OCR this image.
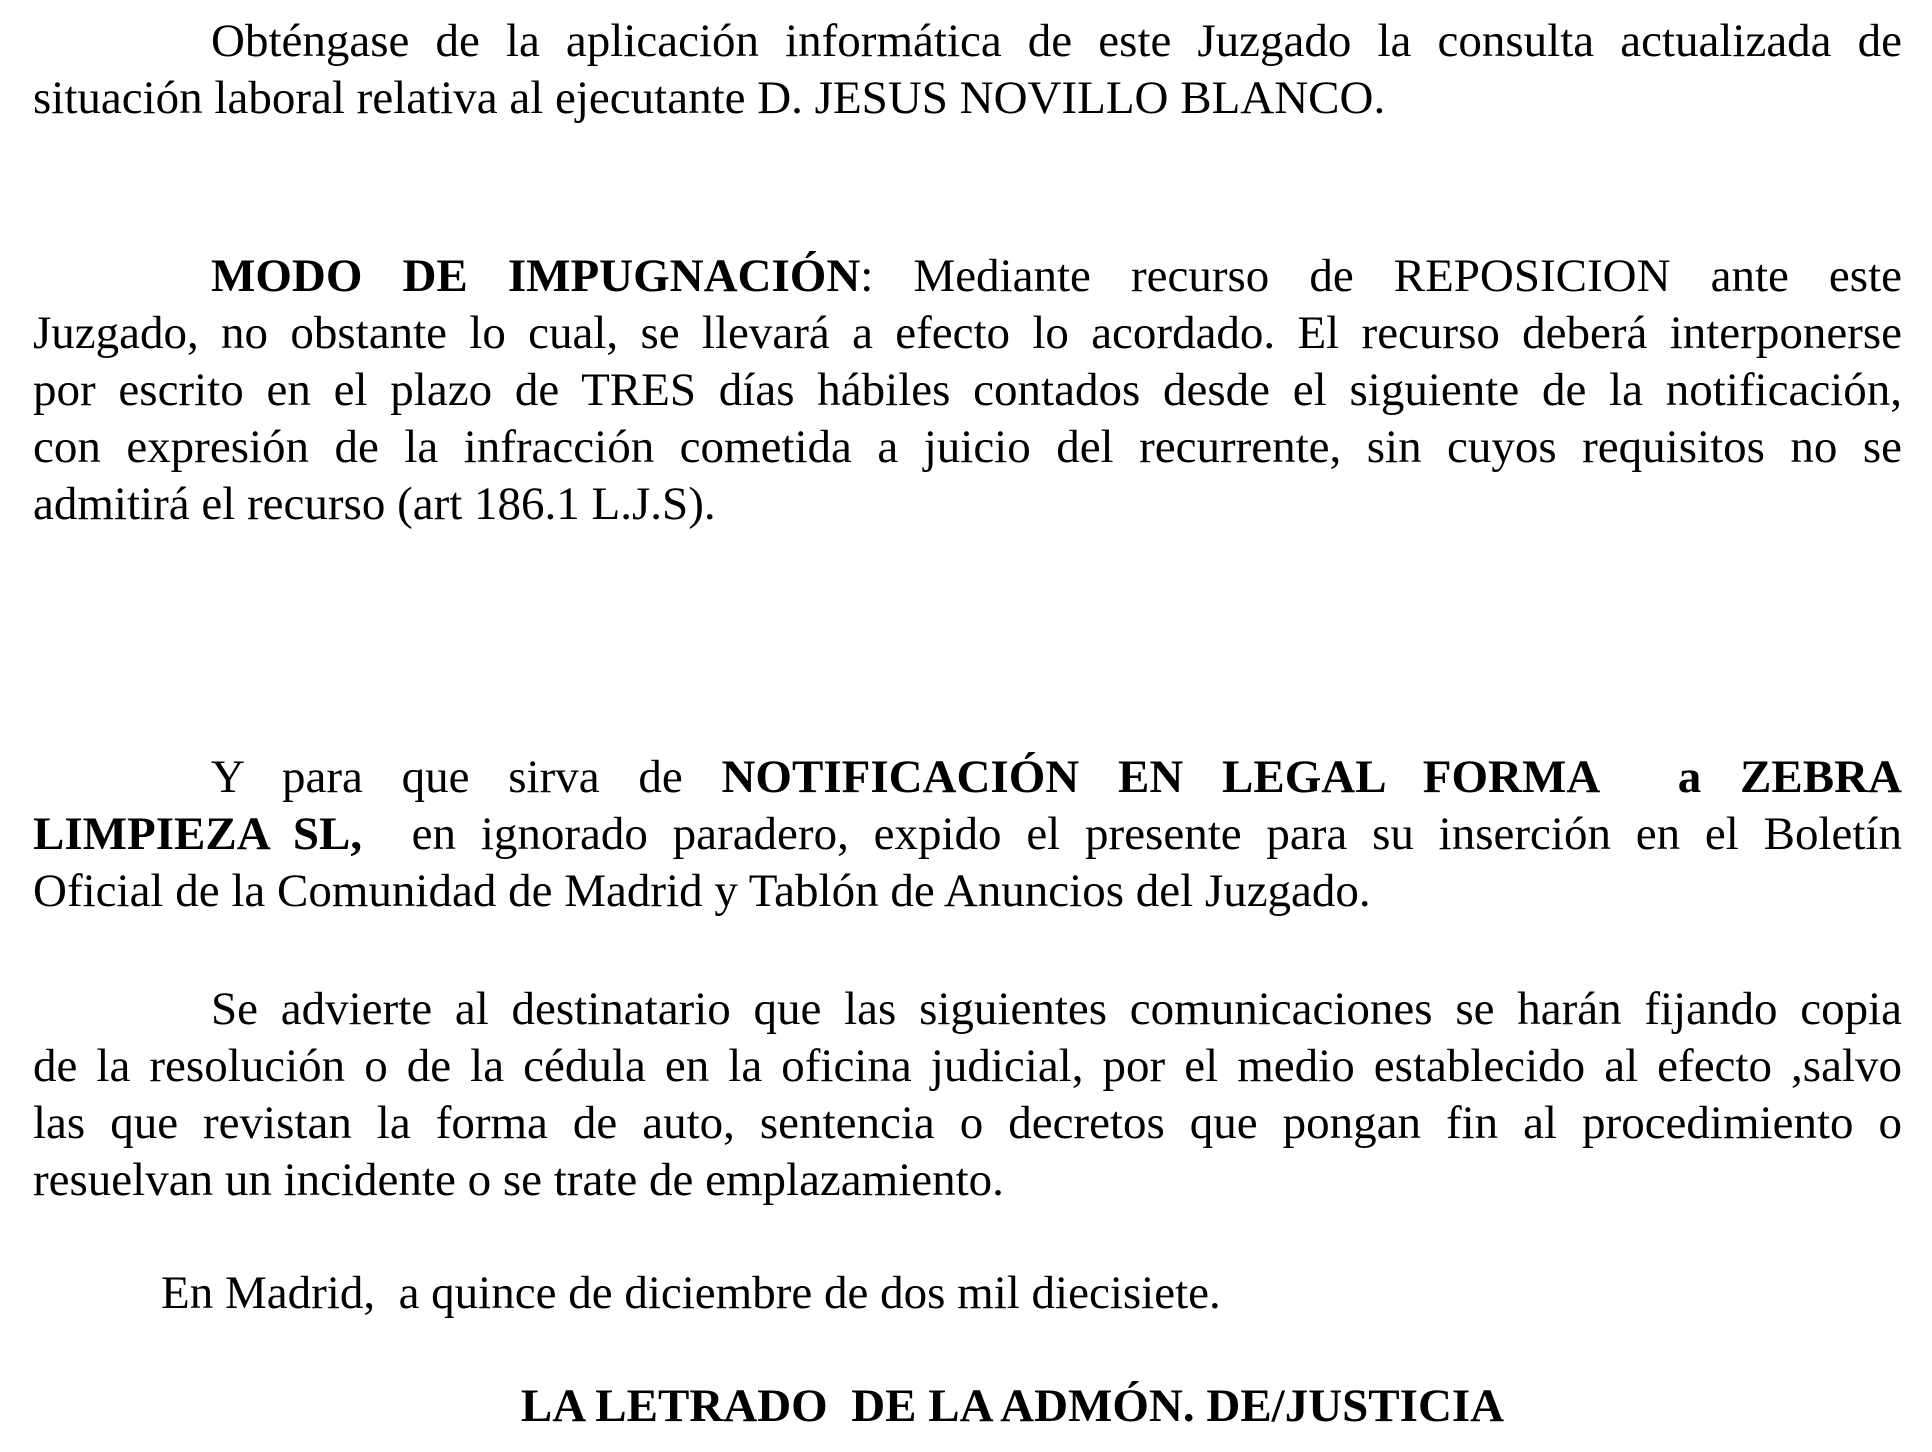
Obténgase de la aplicación informática de este Juzgado la consulta actualizada de
situación laboral relativa al ejecutante D. JESUS NOVILLO BLANCO.
MODO DE IMPUGNACIÓN: Mediante recurso de REPOSICION ante este
Juzgado, no obstante lo cual, se llevará a efecto lo acordado. El recurso deberá interponerse
por escrito en el plazo de TRES días hábiles contados desde el siguiente de la notificación,
con expresión de la infracción cometida a juicio del recurrente, sin cuyos requisitos no se
admitirá el recurso (art 186.1 L.J.S).
Y para que sirva de NOTIFICACIÓN EN LEGAL FORMA  a ZEBRA
LIMPIEZA SL,  en ignorado paradero, expido el presente para su inserción en el Boletín
Oficial de la Comunidad de Madrid y Tablón de Anuncios del Juzgado.
Se advierte al destinatario que las siguientes comunicaciones se harán fijando copia
de la resolución o de la cédula en la oficina judicial, por el medio establecido al efecto ,salvo
las que revistan la forma de auto, sentencia o decretos que pongan fin al procedimiento o
resuelvan un incidente o se trate de emplazamiento.
En Madrid,  a quince de diciembre de dos mil diecisiete.
LA LETRADO  DE LA ADMÓN. DE/JUSTICIA
